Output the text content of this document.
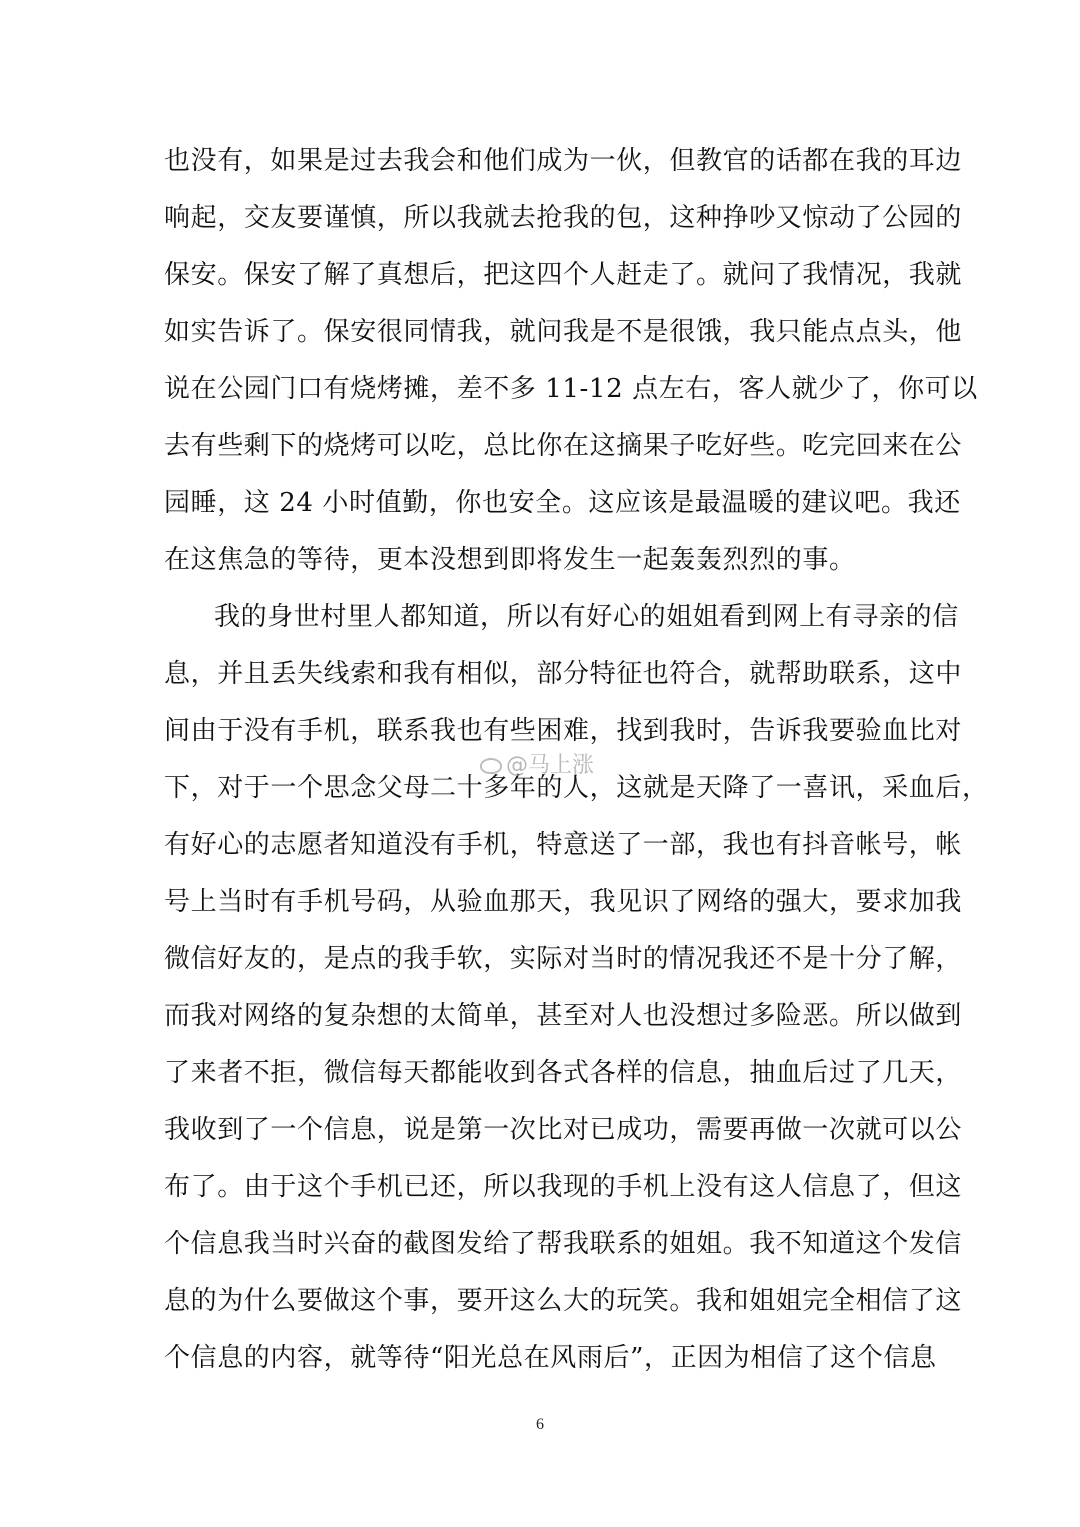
也没有，如果是过去我会和他们成为一伙，但教官的话都在我的耳边
响起，交友要谨慎，所以我就去抢我的包，这种挣吵又惊动了公园的
保安。保安了解了真想后，把这四个人赶走了。就问了我情况，我就
如实告诉了。保安很同情我，就问我是不是很饿，我只能点点头，他
说在公园门口有烧烤摊，差不多 11-12 点左右，客人就少了，你可以
去有些剩下的烧烤可以吃，总比你在这摘果子吃好些。吃完回来在公
园睡，这 24 小时值勤，你也安全。这应该是最温暖的建议吧。我还
在这焦急的等待，更本没想到即将发生一起轰轰烈烈的事。
我的身世村里人都知道，所以有好心的姐姐看到网上有寻亲的信
息，并且丢失线索和我有相似，部分特征也符合，就帮助联系，这中
间由于没有手机，联系我也有些困难，找到我时，告诉我要验血比对
下，对于一个思念父母二十多年的人，这就是天降了一喜讯，采血后，
有好心的志愿者知道没有手机，特意送了一部，我也有抖音帐号，帐
号上当时有手机号码，从验血那天，我见识了网络的强大，要求加我
微信好友的，是点的我手软，实际对当时的情况我还不是十分了解，
而我对网络的复杂想的太简单，甚至对人也没想过多险恶。所以做到
了来者不拒，微信每天都能收到各式各样的信息，抽血后过了几天，
我收到了一个信息，说是第一次比对已成功，需要再做一次就可以公
布了。由于这个手机已还，所以我现的手机上没有这人信息了，但这
个信息我当时兴奋的截图发给了帮我联系的姐姐。我不知道这个发信
息的为什么要做这个事，要开这么大的玩笑。我和姐姐完全相信了这
个信息的内容，就等待“阳光总在风雨后”，正因为相信了这个信息
@马上涨
6
